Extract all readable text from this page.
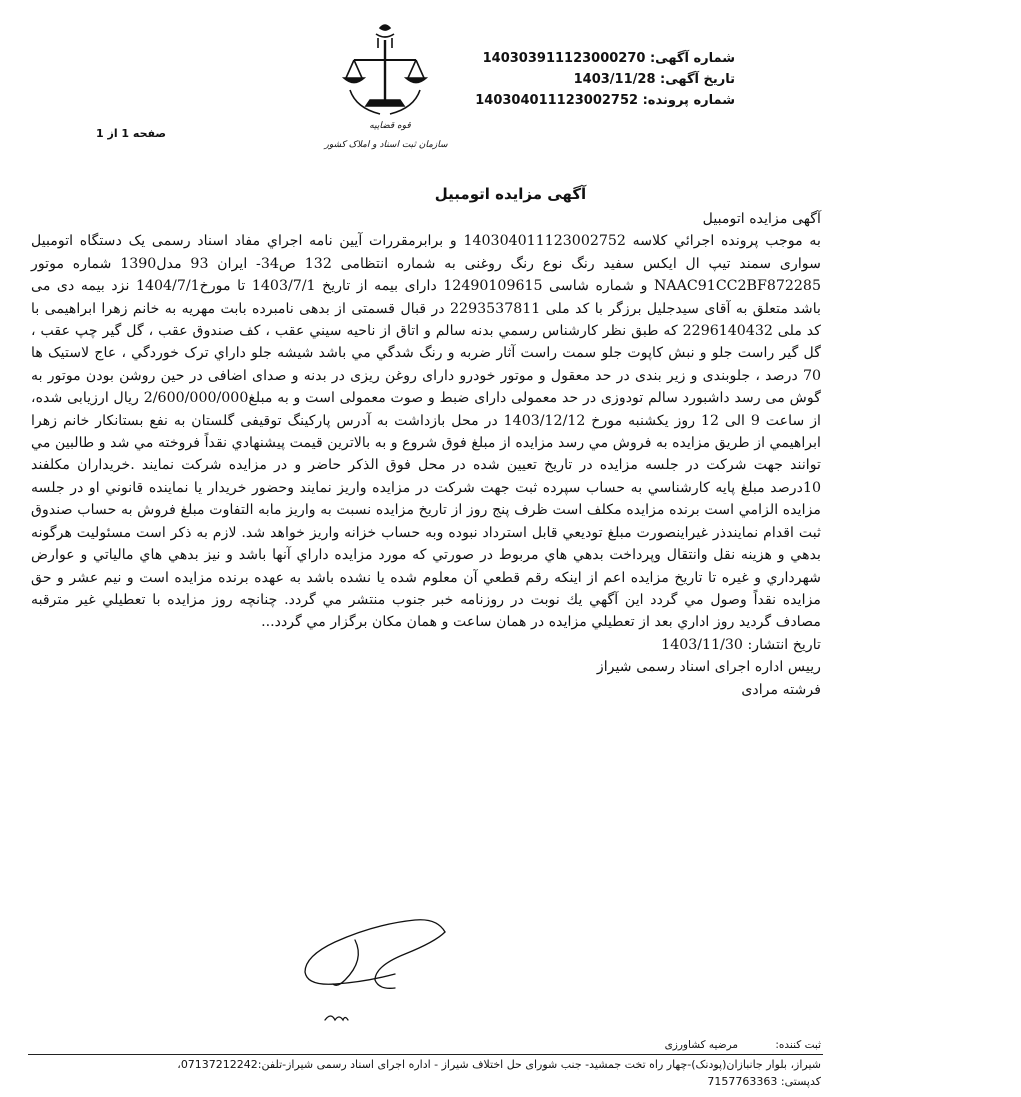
شماره آگهی: 140303911123000270
تاریخ آگهی: 1403/11/28
شماره پرونده: 140304011123002752
قوه قضاییه
سازمان ثبت اسناد و املاک کشور
صفحه 1 از 1
آگهی مزایده اتومبیل

آگهی مزایده اتومبیل

به موجب پرونده اجرائي كلاسه 140304011123002752 و برابرمقررات آيين نامه اجراي مفاد اسناد رسمی یک دستگاه اتومبیل سواری سمند تیپ ال ایکس سفید رنگ نوع رنگ روغنی به شماره انتظامی 132 ص34- ایران 93 مدل1390 شماره موتور NAAC91CC2BF872285 و شماره شاسی 12490109615 دارای بیمه از تاریخ 1403/7/1 تا مورخ1404/7/1 نزد بیمه دی می باشد متعلق به آقای سیدجلیل برزگر با کد ملی 2293537811 در قبال قسمتی از بدهی نامبرده بابت مهریه به خانم زهرا ابراهیمی با کد ملی 2296140432 که طبق نظر کارشناس رسمي بدنه سالم و اتاق از ناحيه سيني عقب ، كف صندوق عقب ، گل گير چپ عقب ، گل گير راست جلو و نبش كاپوت جلو سمت راست آثار ضربه و رنگ شدگي مي باشد شيشه جلو داراي ترک خوردگي ، عاج لاستیک ها 70 درصد ، جلوبندی و زیر بندی در حد معقول و موتور خودرو دارای روغن ریزی در بدنه و صدای اضافی در حین روشن بودن موتور به گوش می رسد داشبورد سالم تودوزی در حد معمولی دارای ضبط و صوت معمولی است و به مبلغ2/600/000/000 ریال ارزیابی شده، از ساعت 9 الی 12 روز یکشنبه مورخ 1403/12/12 در محل بازداشت به آدرس پارکینگ توقیفی گلستان به نفع بستانکار خانم زهرا ابراهیمي از طريق مزايده به فروش مي رسد مزايده از مبلغ فوق شروع و به بالاترين قيمت پيشنهادي نقداً فروخته مي شد و طالبين مي توانند جهت شركت در جلسه مزايده در تاريخ تعيين شده در محل فوق الذكر حاضر و در مزايده شركت نمايند .خريداران مكلفند 10درصد مبلغ پايه كارشناسي به حساب سپرده ثبت جهت شركت در مزايده واريز نمايند وحضور خريدار يا نماينده قانوني او در جلسه مزايده الزامي است برنده مزايده مكلف است ظرف پنج روز از تاريخ مزايده نسبت به واريز مابه التفاوت مبلغ فروش به حساب صندوق ثبت اقدام نمايندذر غيراينصورت مبلغ توديعي قابل استرداد نبوده وبه حساب خزانه واريز خواهد شد. لازم به ذكر است مسئوليت هرگونه بدهي و هزينه نقل وانتقال وپرداخت بدهي هاي مربوط در صورتي كه مورد مزايده داراي آنها باشد و نيز بدهي هاي مالياتي و عوارض شهرداري و غيره تا تاريخ مزايده اعم از اينكه رقم قطعي آن معلوم شده يا نشده باشد به عهده برنده مزايده است و نيم عشر و حق مزايده نقداً وصول مي گردد اين آگهي يك نوبت در روزنامه خبر جنوب منتشر مي گردد. چنانچه روز مزايده با تعطيلي غير مترقبه مصادف گرديد روز اداري بعد از تعطيلي مزايده در همان ساعت و همان مكان برگزار مي گردد...

تاريخ انتشار: 1403/11/30

رییس اداره اجرای اسناد رسمی شیراز

فرشته مرادی

ثبت کننده: مرضیه کشاورزی
شیراز، بلوار جانبازان(پودنک)-چهار راه تخت جمشید- جنب شورای حل اختلاف شیراز - اداره اجرای اسناد رسمی شیراز-تلفن:07137212242،
کدپستی: 7157763363
